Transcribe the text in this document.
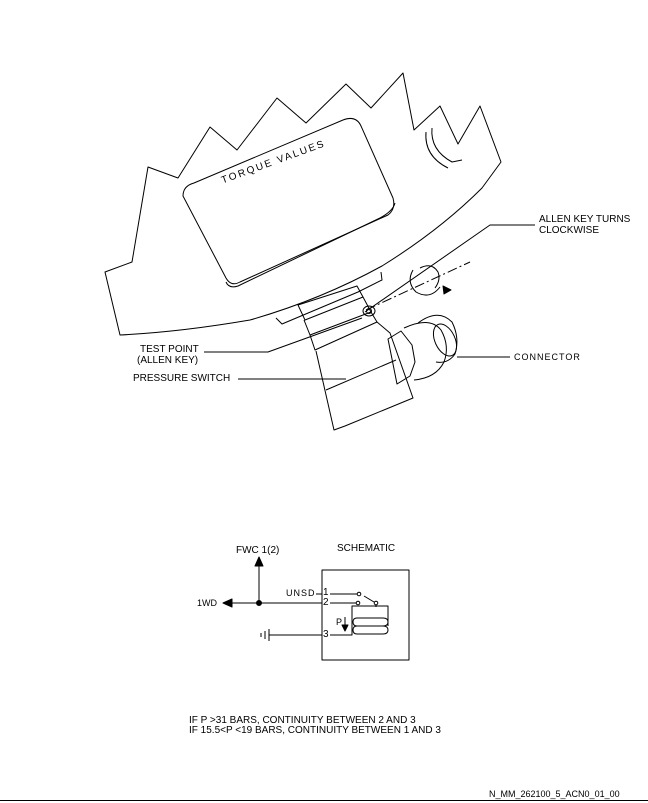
TORQUE VALUES
ALLEN KEY TURNS
CLOCKWISE
TEST POINT
(ALLEN KEY)
PRESSURE SWITCH
CONNECTOR
SCHEMATIC
FWC 1(2)
1WD
UNSD 1
2
3
P
IF P >31 BARS, CONTINUITY BETWEEN 2 AND 3
IF 15.5<P <19 BARS, CONTINUITY BETWEEN 1 AND 3
N_MM_262100_5_ACN0_01_00
